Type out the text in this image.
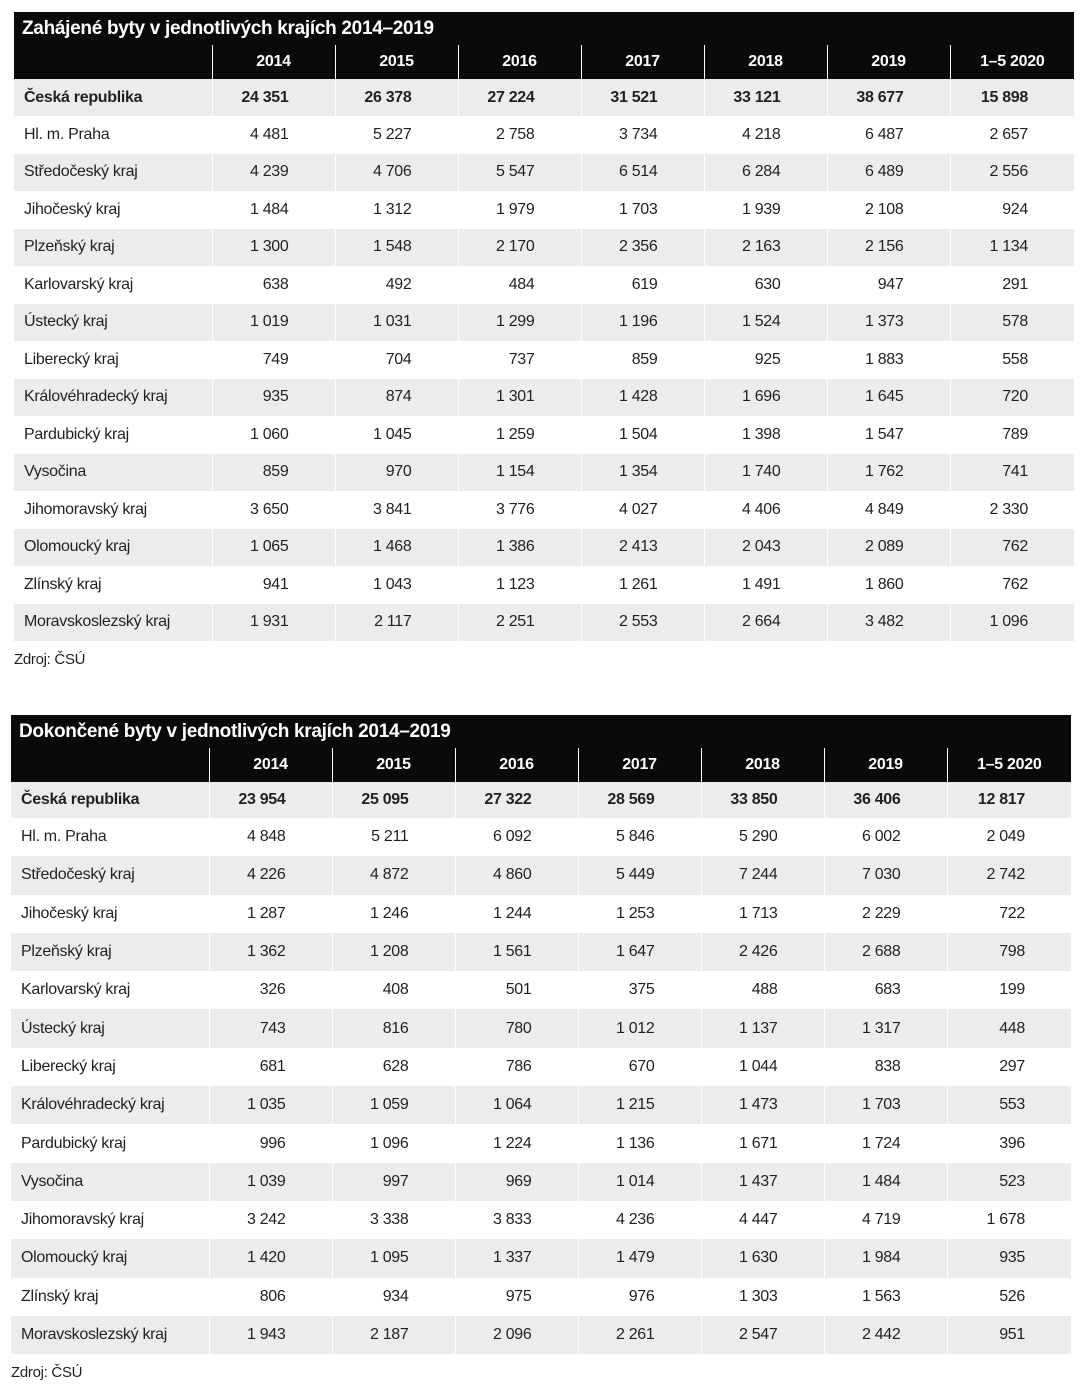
Zahájené byty v jednotlivých krajích 2014–2019
	2014	2015	2016	2017	2018	2019	1–5 2020
Česká republika	24 351	26 378	27 224	31 521	33 121	38 677	15 898
Hl. m. Praha	4 481	5 227	2 758	3 734	4 218	6 487	2 657
Středočeský kraj	4 239	4 706	5 547	6 514	6 284	6 489	2 556
Jihočeský kraj	1 484	1 312	1 979	1 703	1 939	2 108	924
Plzeňský kraj	1 300	1 548	2 170	2 356	2 163	2 156	1 134
Karlovarský kraj	638	492	484	619	630	947	291
Ústecký kraj	1 019	1 031	1 299	1 196	1 524	1 373	578
Liberecký kraj	749	704	737	859	925	1 883	558
Královéhradecký kraj	935	874	1 301	1 428	1 696	1 645	720
Pardubický kraj	1 060	1 045	1 259	1 504	1 398	1 547	789
Vysočina	859	970	1 154	1 354	1 740	1 762	741
Jihomoravský kraj	3 650	3 841	3 776	4 027	4 406	4 849	2 330
Olomoucký kraj	1 065	1 468	1 386	2 413	2 043	2 089	762
Zlínský kraj	941	1 043	1 123	1 261	1 491	1 860	762
Moravskoslezský kraj	1 931	2 117	2 251	2 553	2 664	3 482	1 096
Zdroj: ČSÚ
Dokončené byty v jednotlivých krajích 2014–2019
	2014	2015	2016	2017	2018	2019	1–5 2020
Česká republika	23 954	25 095	27 322	28 569	33 850	36 406	12 817
Hl. m. Praha	4 848	5 211	6 092	5 846	5 290	6 002	2 049
Středočeský kraj	4 226	4 872	4 860	5 449	7 244	7 030	2 742
Jihočeský kraj	1 287	1 246	1 244	1 253	1 713	2 229	722
Plzeňský kraj	1 362	1 208	1 561	1 647	2 426	2 688	798
Karlovarský kraj	326	408	501	375	488	683	199
Ústecký kraj	743	816	780	1 012	1 137	1 317	448
Liberecký kraj	681	628	786	670	1 044	838	297
Královéhradecký kraj	1 035	1 059	1 064	1 215	1 473	1 703	553
Pardubický kraj	996	1 096	1 224	1 136	1 671	1 724	396
Vysočina	1 039	997	969	1 014	1 437	1 484	523
Jihomoravský kraj	3 242	3 338	3 833	4 236	4 447	4 719	1 678
Olomoucký kraj	1 420	1 095	1 337	1 479	1 630	1 984	935
Zlínský kraj	806	934	975	976	1 303	1 563	526
Moravskoslezský kraj	1 943	2 187	2 096	2 261	2 547	2 442	951
Zdroj: ČSÚ
